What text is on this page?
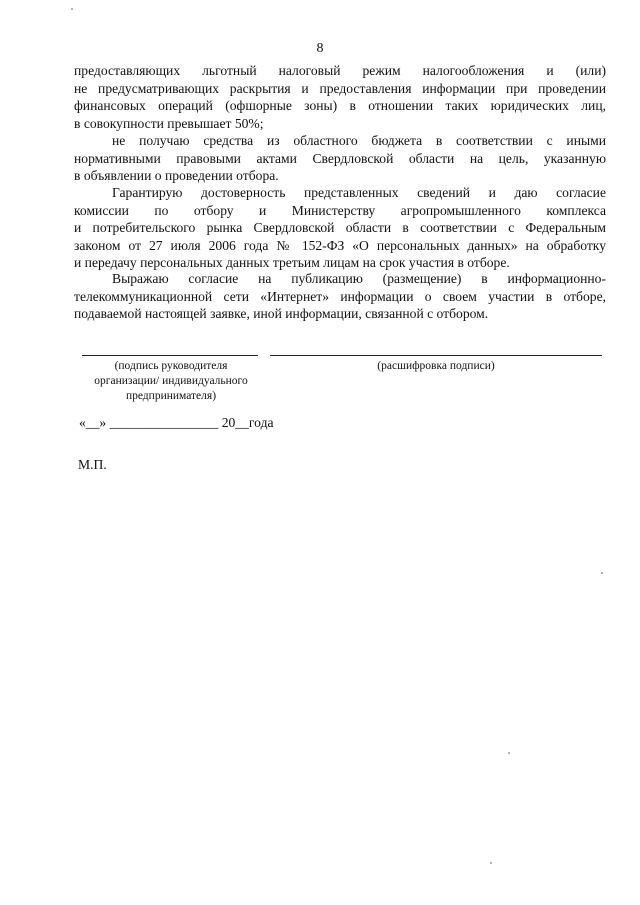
8
предоставляющих льготный налоговый режим налогообложения и (или)
не предусматривающих раскрытия и предоставления информации при проведении
финансовых операций (офшорные зоны) в отношении таких юридических лиц,
в совокупности превышает 50%;
не получаю средства из областного бюджета в соответствии с иными
нормативными правовыми актами Свердловской области на цель, указанную
в объявлении о проведении отбора.
Гарантирую достоверность представленных сведений и даю согласие
комиссии по отбору и Министерству агропромышленного комплекса
и потребительского рынка Свердловской области в соответствии с Федеральным
законом от 27 июля 2006 года № 152-ФЗ «О персональных данных» на обработку
и передачу персональных данных третьим лицам на срок участия в отборе.
Выражаю согласие на публикацию (размещение) в информационно-
телекоммуникационной сети «Интернет» информации о своем участии в отборе,
подаваемой настоящей заявке, иной информации, связанной с отбором.
(подпись руководителя
организации/ индивидуального
предпринимателя)
(расшифровка подписи)
«__» ________________ 20__года
М.П.
